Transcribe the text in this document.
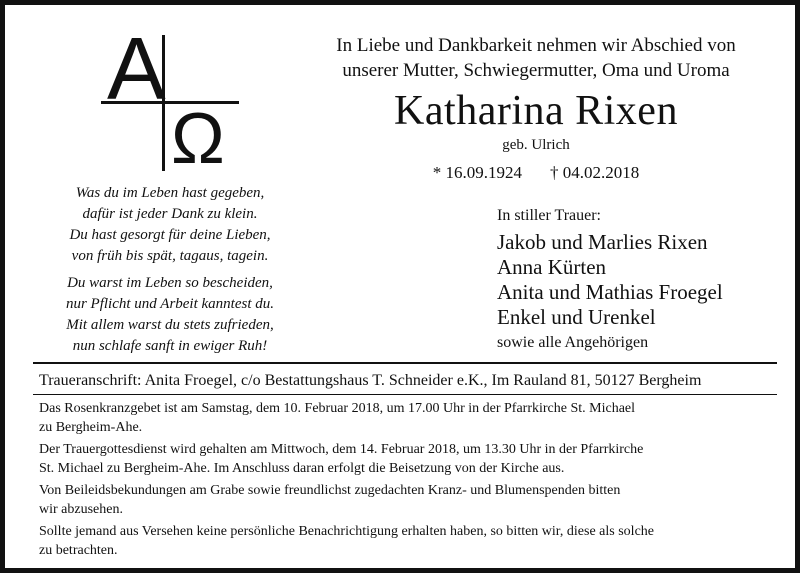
A
Ω
Was du im Leben hast gegeben,
dafür ist jeder Dank zu klein.
Du hast gesorgt für deine Lieben,
von früh bis spät, tagaus, tagein.
Du warst im Leben so bescheiden,
nur Pflicht und Arbeit kanntest du.
Mit allem warst du stets zufrieden,
nun schlafe sanft in ewiger Ruh!
In Liebe und Dankbarkeit nehmen wir Abschied von
unserer Mutter, Schwiegermutter, Oma und Uroma
Katharina Rixen
geb. Ulrich
* 16.09.1924 † 04.02.2018
In stiller Trauer:
Jakob und Marlies Rixen
Anna Kürten
Anita und Mathias Froegel
Enkel und Urenkel
sowie alle Angehörigen
Traueranschrift: Anita Froegel, c/o Bestattungshaus T. Schneider e.K., Im Rauland 81, 50127 Bergheim

Das Rosenkranzgebet ist am Samstag, dem 10. Februar 2018, um 17.00 Uhr in der Pfarrkirche St. Michael
zu Bergheim-Ahe.

Der Trauergottesdienst wird gehalten am Mittwoch, dem 14. Februar 2018, um 13.30 Uhr in der Pfarrkirche
St. Michael zu Bergheim-Ahe. Im Anschluss daran erfolgt die Beisetzung von der Kirche aus.

Von Beileidsbekundungen am Grabe sowie freundlichst zugedachten Kranz- und Blumenspenden bitten
wir abzusehen.

Sollte jemand aus Versehen keine persönliche Benachrichtigung erhalten haben, so bitten wir, diese als solche
zu betrachten.
